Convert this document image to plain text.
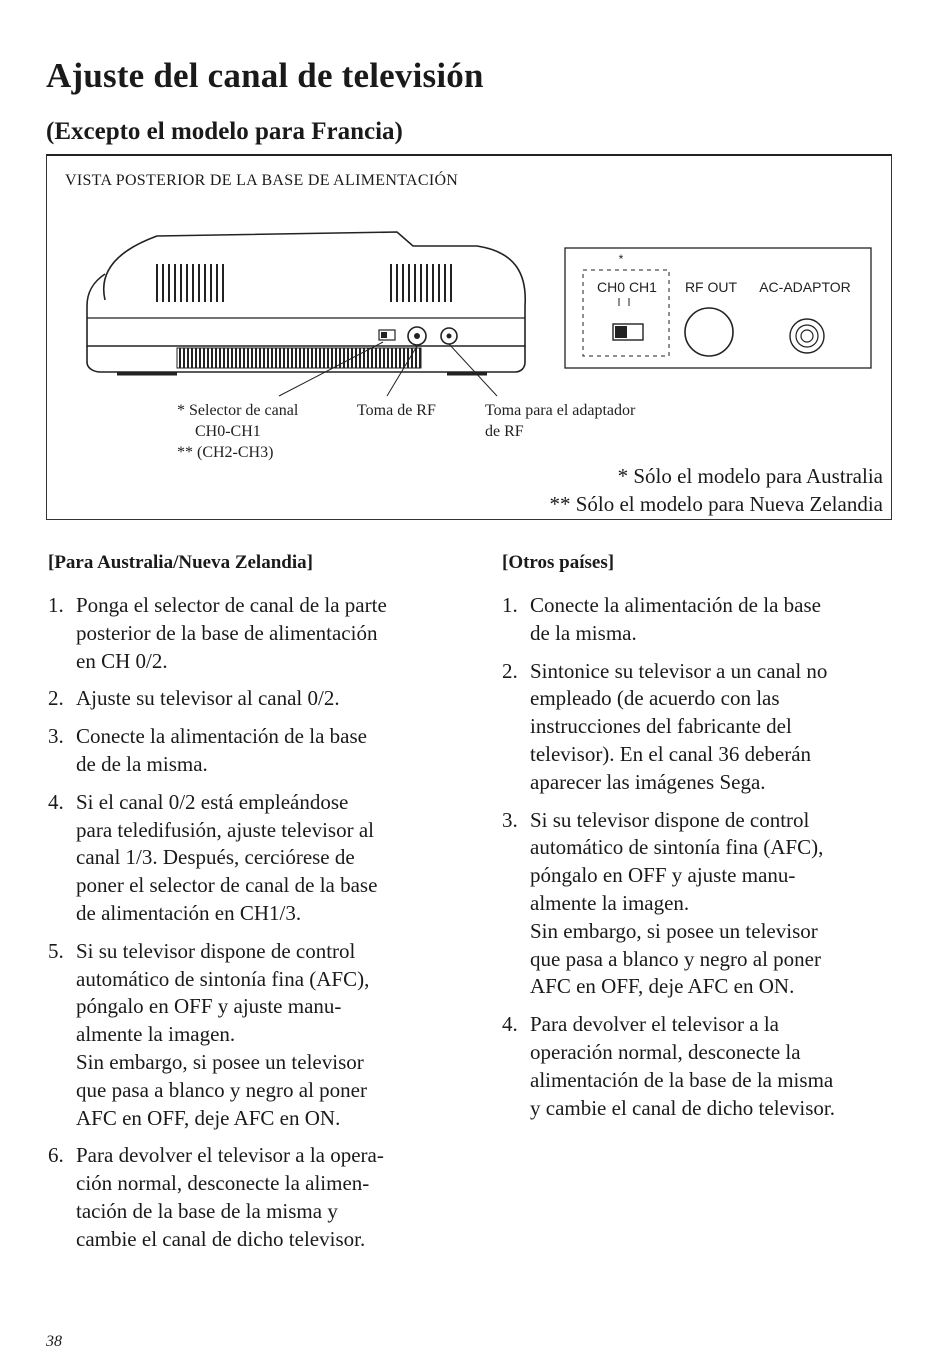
Ajuste del canal de televisión
(Excepto el modelo para Francia)
VISTA POSTERIOR DE LA BASE DE ALIMENTACIÓN
*
CH0 CH1 RF OUT AC-ADAPTOR
* Selector de canal
CH0-CH1
** (CH2-CH3)
Toma de RF	Toma para el adaptador
de RF
* Sólo el modelo para Australia
** Sólo el modelo para Nueva Zelandia
[Para Australia/Nueva Zelandia]
1. Ponga el selector de canal de la parte
posterior de la base de alimentación
en CH 0/2.
2. Ajuste su televisor al canal 0/2.
3. Conecte la alimentación de la base
de de la misma.
4. Si el canal 0/2 está empleándose
para teledifusión, ajuste televisor al
canal 1/3. Después, cerciórese de
poner el selector de canal de la base
de alimentación en CH1/3.
5. Si su televisor dispone de control
automático de sintonía fina (AFC),
póngalo en OFF y ajuste manu-
almente la imagen.
Sin embargo, si posee un televisor
que pasa a blanco y negro al poner
AFC en OFF, deje AFC en ON.
6. Para devolver el televisor a la opera-
ción normal, desconecte la alimen-
tación de la base de la misma y
cambie el canal de dicho televisor.
[Otros países]
1. Conecte la alimentación de la base
de la misma.
2. Sintonice su televisor a un canal no
empleado (de acuerdo con las
instrucciones del fabricante del
televisor). En el canal 36 deberán
aparecer las imágenes Sega.
3. Si su televisor dispone de control
automático de sintonía fina (AFC),
póngalo en OFF y ajuste manu-
almente la imagen.
Sin embargo, si posee un televisor
que pasa a blanco y negro al poner
AFC en OFF, deje AFC en ON.
4. Para devolver el televisor a la
operación normal, desconecte la
alimentación de la base de la misma
y cambie el canal de dicho televisor.
38
